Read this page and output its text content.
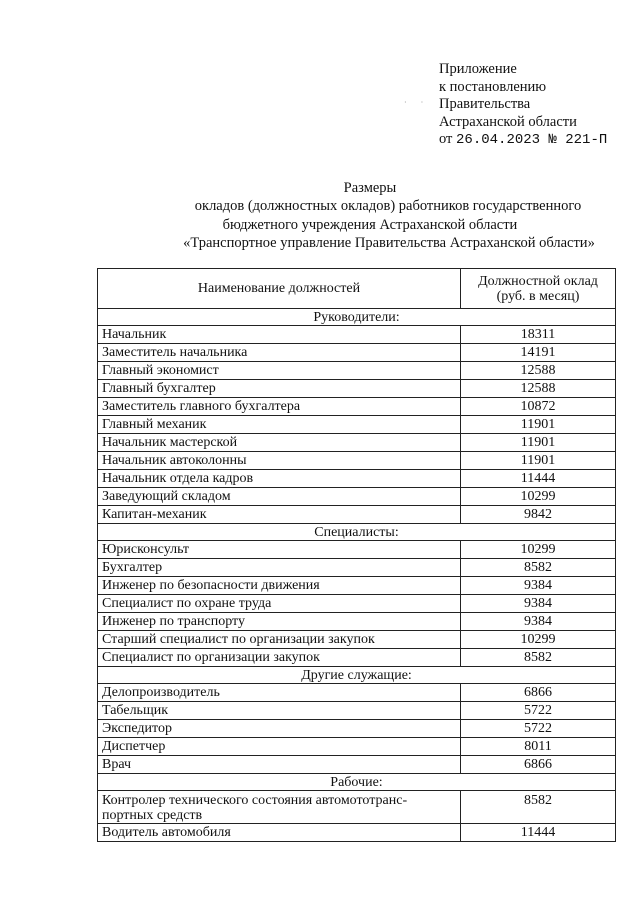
Приложение
к постановлению
Правительства
Астраханской области
от 26.04.2023 № 221-П
· ·
Размеры
окладов (должностных окладов) работников государственного
бюджетного учреждения Астраханской области
«Транспортное управление Правительства Астраханской области»
Наименование должностей	Должностной оклад (руб. в месяц)
Руководители:	
Начальник	18311
Заместитель начальника	14191
Главный экономист	12588
Главный бухгалтер	12588
Заместитель главного бухгалтера	10872
Главный механик	11901
Начальник мастерской	11901
Начальник автоколонны	11901
Начальник отдела кадров	11444
Заведующий складом	10299
Капитан-механик	9842
Специалисты:	
Юрисконсульт	10299
Бухгалтер	8582
Инженер по безопасности движения	9384
Специалист по охране труда	9384
Инженер по транспорту	9384
Старший специалист по организации закупок	10299
Специалист по организации закупок	8582
Другие служащие:	
Делопроизводитель	6866
Табельщик	5722
Экспедитор	5722
Диспетчер	8011
Врач	6866
Рабочие:	
Контролер технического состояния автомототранс-портных средств	8582
Водитель автомобиля	11444
